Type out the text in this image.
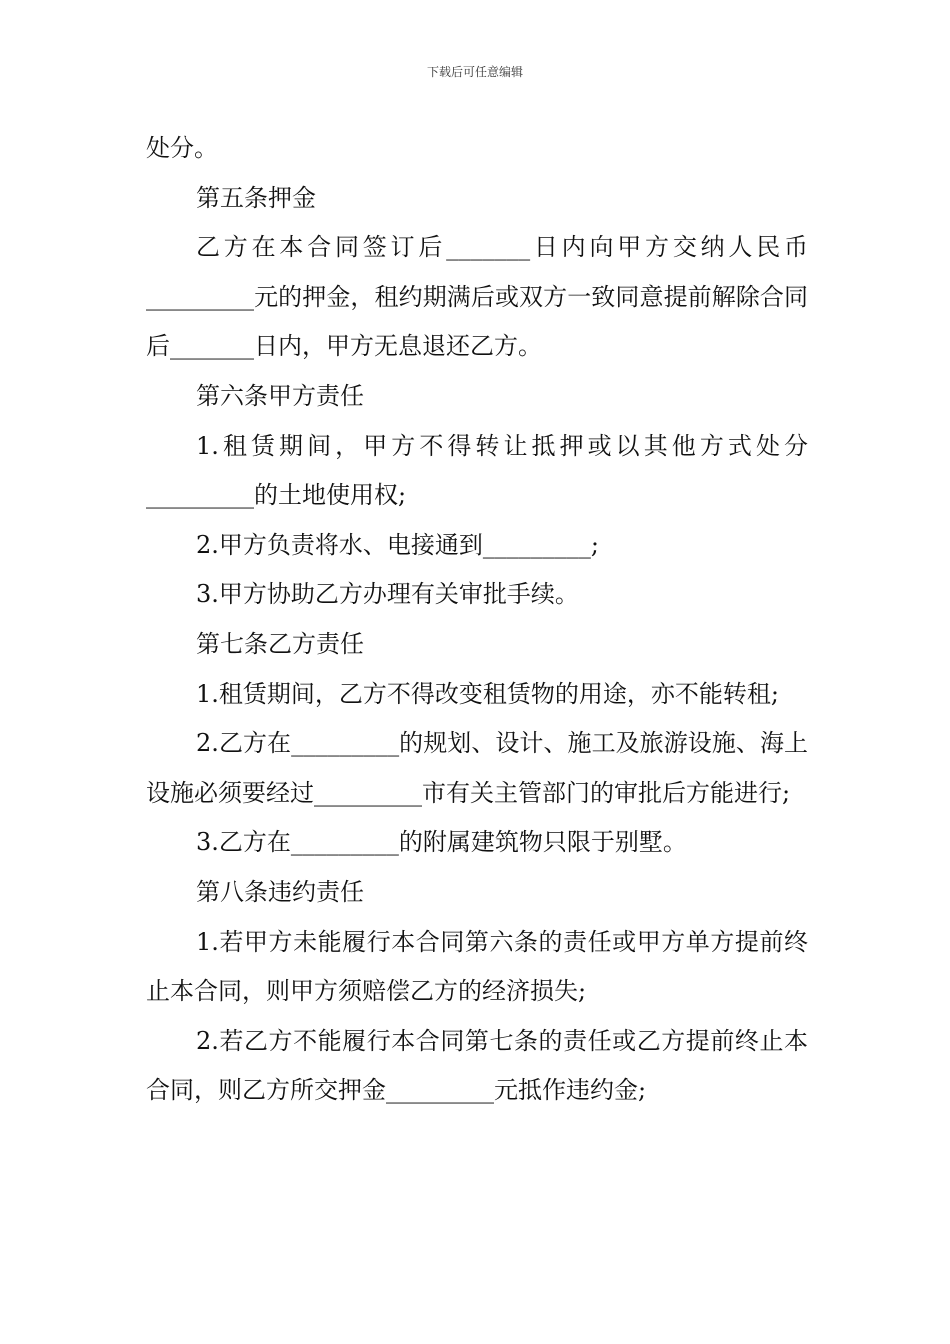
下载后可任意编辑

处分。

第五条押金

乙方在本合同签订后_______日内向甲方交纳人民币_________元的押金，租约期满后或双方一致同意提前解除合同后_______日内，甲方无息退还乙方。

第六条甲方责任

1.租赁期间，甲方不得转让抵押或以其他方式处分_________的土地使用权;

2.甲方负责将水、电接通到_________;

3.甲方协助乙方办理有关审批手续。

第七条乙方责任

1.租赁期间，乙方不得改变租赁物的用途，亦不能转租;

2.乙方在_________的规划、设计、施工及旅游设施、海上设施必须要经过_________市有关主管部门的审批后方能进行;

3.乙方在_________的附属建筑物只限于别墅。

第八条违约责任

1.若甲方未能履行本合同第六条的责任或甲方单方提前终止本合同，则甲方须赔偿乙方的经济损失;

2.若乙方不能履行本合同第七条的责任或乙方提前终止本合同，则乙方所交押金_________元抵作违约金;
